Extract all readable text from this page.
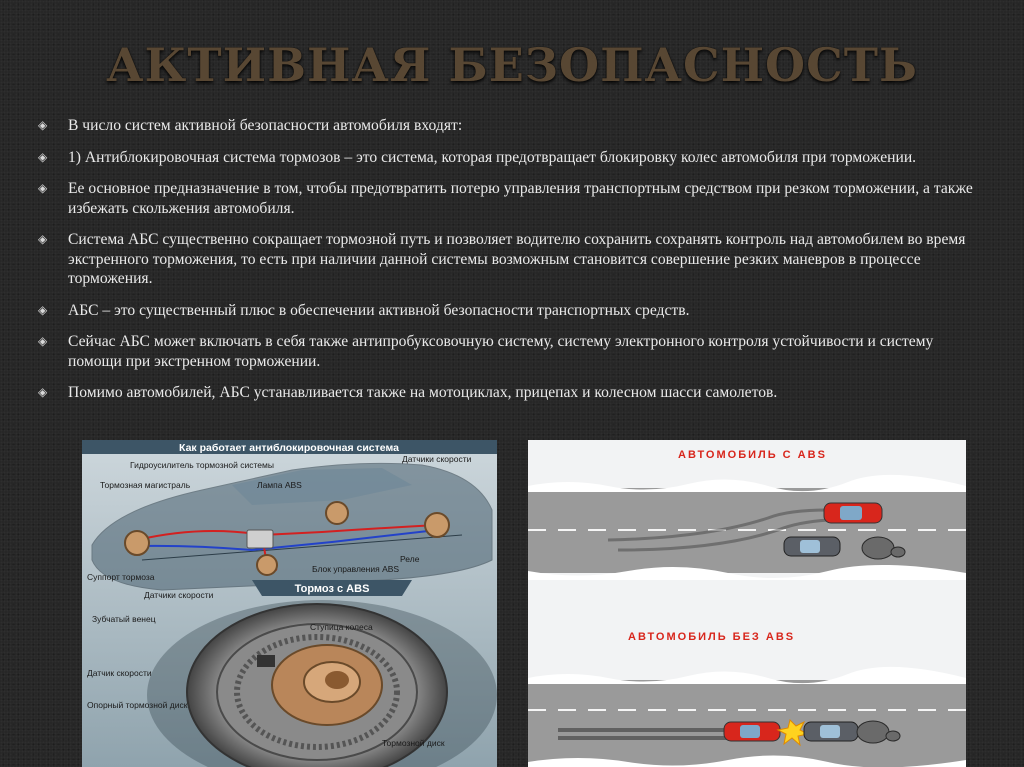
АКТИВНАЯ БЕЗОПАСНОСТЬ
◈ В число систем активной безопасности автомобиля входят:
◈ 1) Антиблокировочная система тормозов – это система, которая предотвращает блокировку колес автомобиля при торможении.
◈ Ее основное предназначение в том, чтобы предотвратить потерю управления транспортным средством при резком торможении, а также избежать скольжения автомобиля.
◈ Система АБС существенно сокращает тормозной путь и позволяет водителю сохранить сохранять контроль над автомобилем во время экстренного торможения, то есть при наличии данной системы возможным становится совершение резких маневров в процессе торможения.
◈ АБС – это существенный плюс в обеспечении активной безопасности транспортных средств.
◈ Сейчас АБС может включать в себя также антипробуксовочную систему, систему электронного контроля устойчивости и систему помощи при экстренном торможении.
◈ Помимо автомобилей, АБС устанавливается также на мотоциклах, прицепах и колесном шасси самолетов.
Как работает антиблокировочная система
Гидроусилитель тормозной системы
Тормозная магистраль	Лампа ABS
Датчики скорости
Суппорт тормоза
Датчики скорости
Реле
Блок управления ABS
Тормоз с ABS
Зубчатый венец
Ступица колеса
Датчик скорости
Опорный тормозной диск
Тормозной диск
АВТОМОБИЛЬ С ABS
АВТОМОБИЛЬ БЕЗ ABS
